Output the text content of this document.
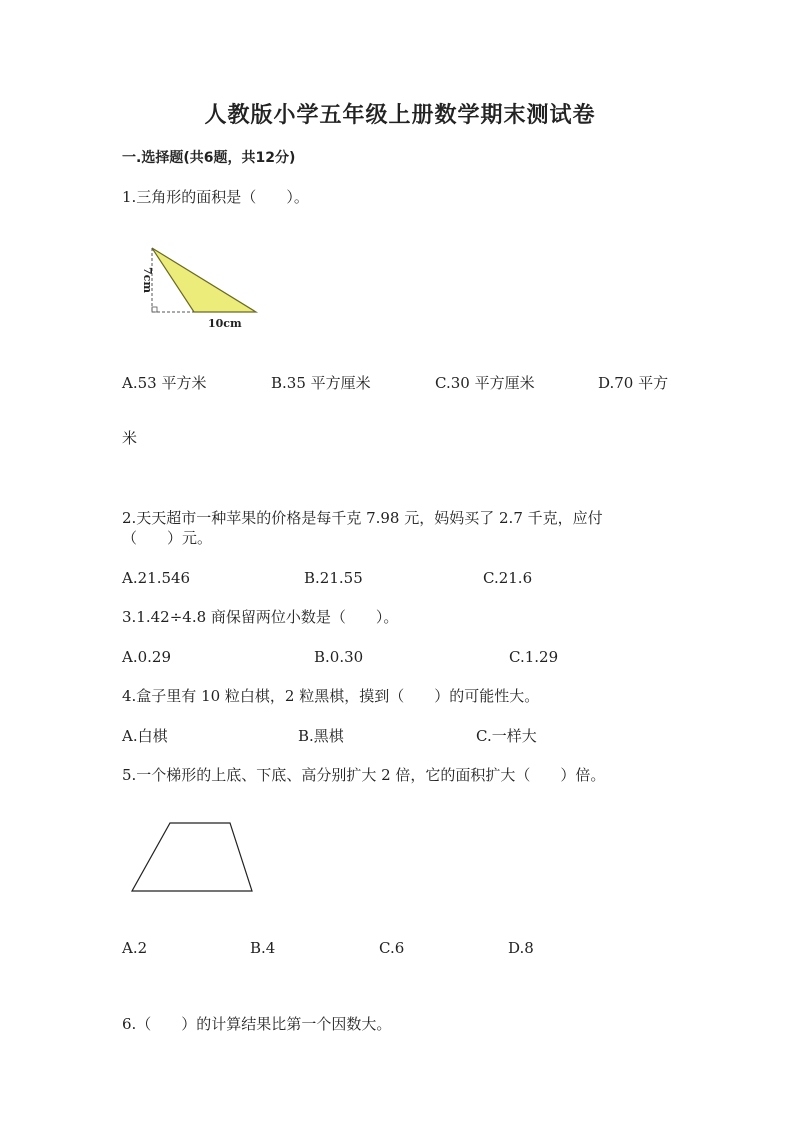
人教版小学五年级上册数学期末测试卷
一.选择题(共6题，共12分)
1.三角形的面积是（　　）。
7cm
10cm
A.53 平方米	B.35 平方厘米	C.30 平方厘米	D.70 平方
米
2.天天超市一种苹果的价格是每千克 7.98 元，妈妈买了 2.7 千克，应付
（　　）元。
A.21.546	B.21.55	C.21.6
3.1.42÷4.8 商保留两位小数是（　　）。
A.0.29	B.0.30	C.1.29
4.盒子里有 10 粒白棋，2 粒黑棋，摸到（　　）的可能性大。
A.白棋	B.黑棋	C.一样大
5.一个梯形的上底、下底、高分别扩大 2 倍，它的面积扩大（　　）倍。
A.2	B.4	C.6	D.8
6.（　　）的计算结果比第一个因数大。
